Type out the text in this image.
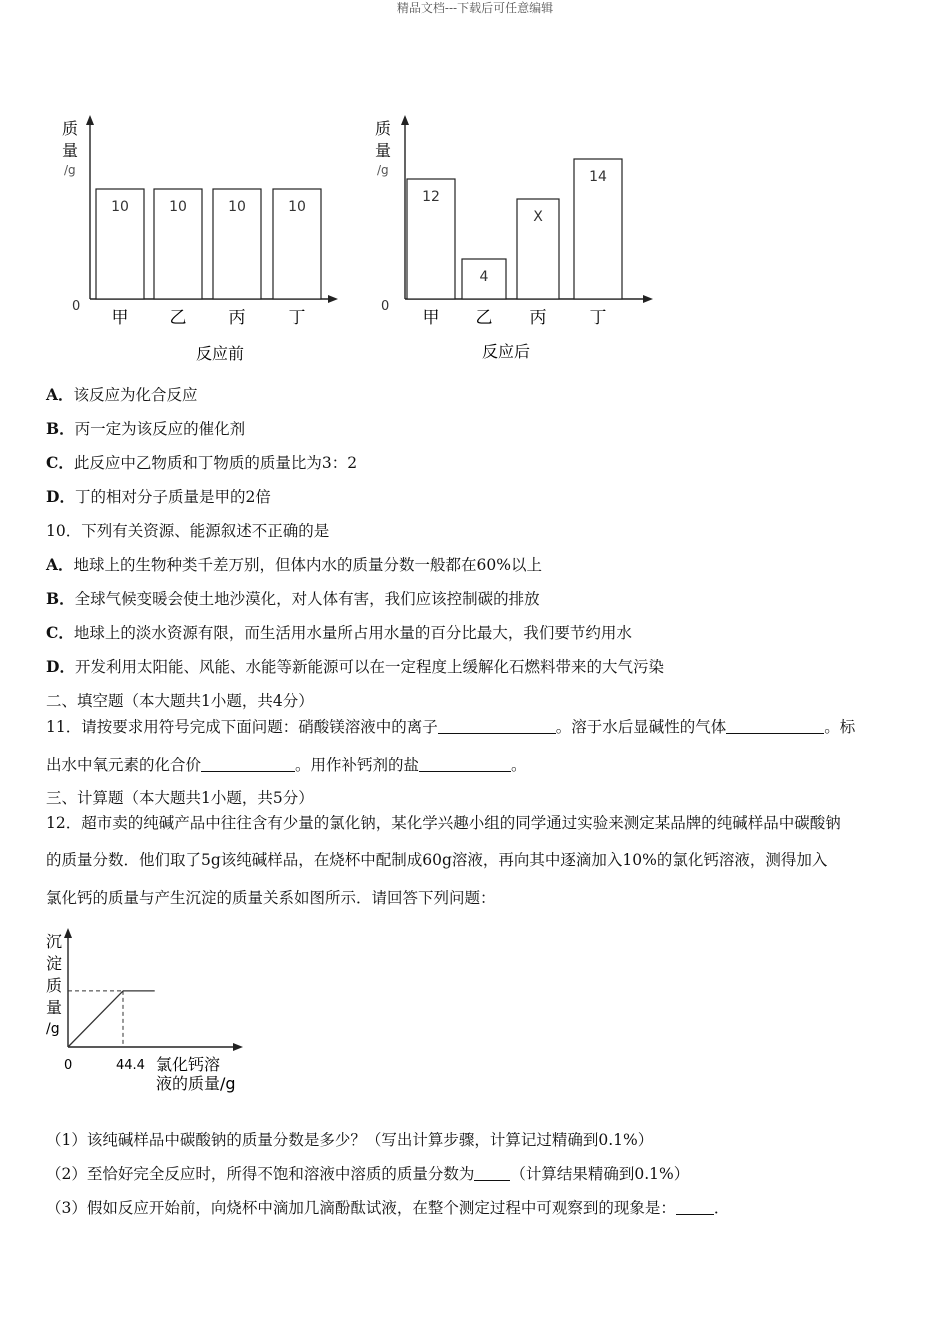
精品文档---下载后可任意编辑
质
量
/g
0
10
甲
10
乙
10
丙
10
丁
反应前
质
量
/g
0
12
甲
4
乙
X
丙
14
丁
反应后
A．该反应为化合反应
B．丙一定为该反应的催化剂
C．此反应中乙物质和丁物质的质量比为3：2
D．丁的相对分子质量是甲的2倍
10．下列有关资源、能源叙述不正确的是
A．地球上的生物种类千差万别，但体内水的质量分数一般都在60%以上
B．全球气候变暖会使土地沙漠化，对人体有害，我们应该控制碳的排放
C．地球上的淡水资源有限，而生活用水量所占用水量的百分比最大，我们要节约用水
D．开发利用太阳能、风能、水能等新能源可以在一定程度上缓解化石燃料带来的大气污染
二、填空题（本大题共1小题，共4分）
11．请按要求用符号完成下面问题：硝酸镁溶液中的离子	。溶于水后显碱性的气体	。标
出水中氧元素的化合价	。用作补钙剂的盐	。
三、计算题（本大题共1小题，共5分）
12．超市卖的纯碱产品中往往含有少量的氯化钠，某化学兴趣小组的同学通过实验来测定某品牌的纯碱样品中碳酸钠
的质量分数．他们取了5g该纯碱样品，在烧杯中配制成60g溶液，再向其中逐滴加入10%的氯化钙溶液，测得加入
氯化钙的质量与产生沉淀的质量关系如图所示．请回答下列问题：
沉
淀
质
量
/g
0	44.4 氯化钙溶
液的质量/g
（1）该纯碱样品中碳酸钠的质量分数是多少？（写出计算步骤，计算记过精确到0.1%）
（2）至恰好完全反应时，所得不饱和溶液中溶质的质量分数为 （计算结果精确到0.1%）
（3）假如反应开始前，向烧杯中滴加几滴酚酞试液，在整个测定过程中可观察到的现象是： ．
